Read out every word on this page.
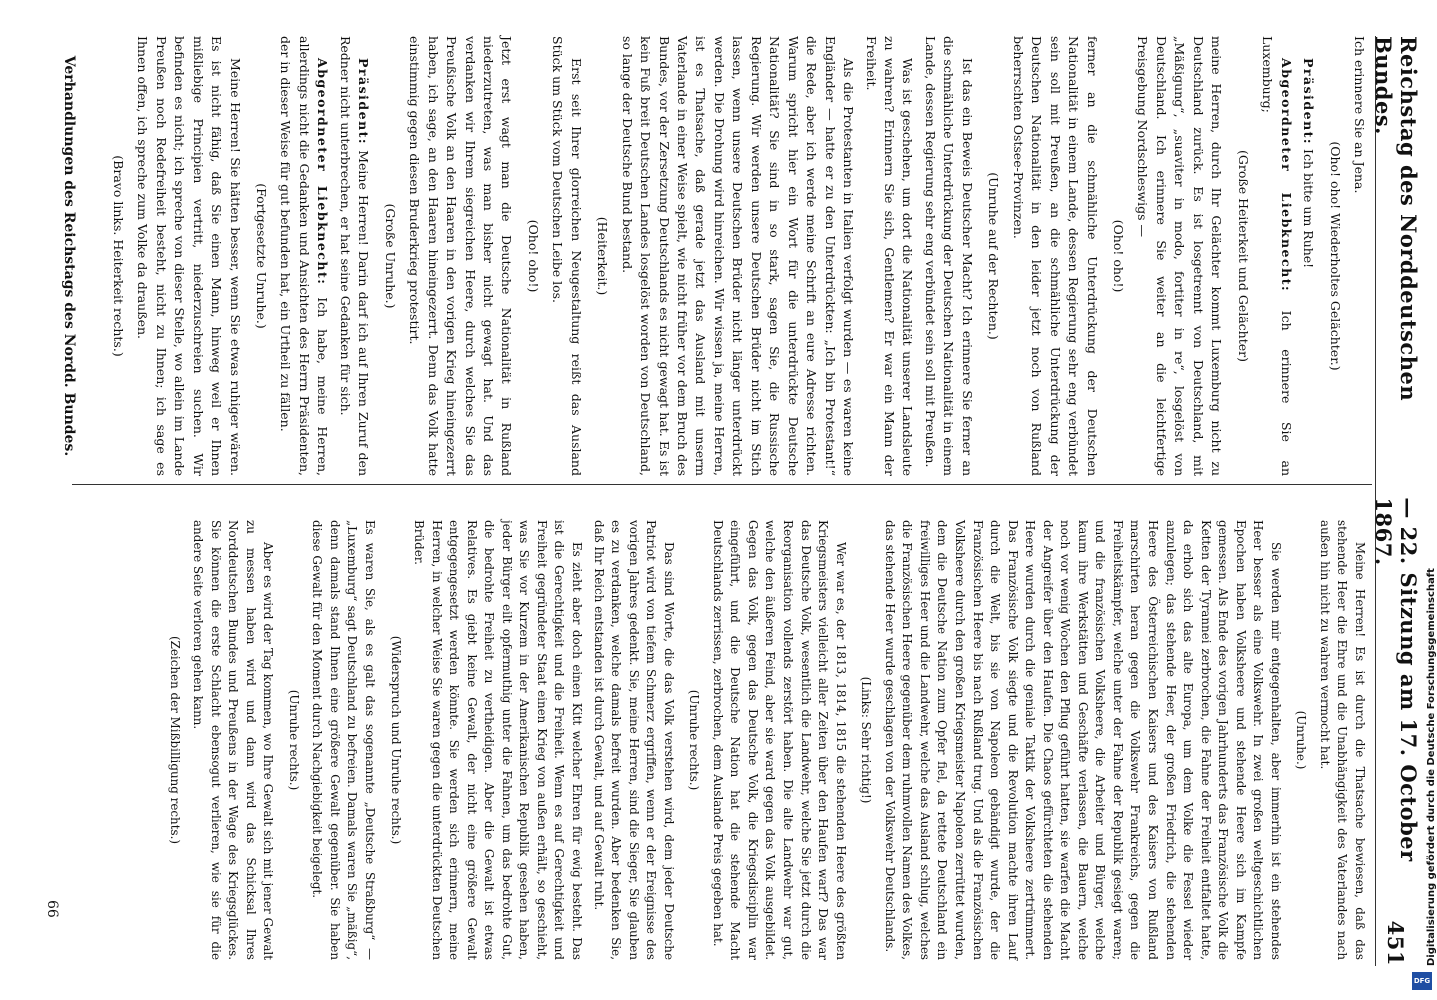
Reichstag des Norddeutschen Bundes.

— 22. Sitzung am 17. October 1867.
451

Ich erinnere Sie an Jena.

(Oho! oho! Wiederholtes Gelächter.)

Präsident: Ich bitte um Ruhe!

Abgeordneter Liebknecht: Ich erinnere Sie an Luxemburg;

(Große Heiterkeit und Gelächter)

meine Herren, durch Ihr Gelächter kommt Luxemburg nicht zu Deutschland zurück. Es ist losgetrennt von Deutschland, mit „Mäßigung“, „suaviter in modo, fortiter in re“, losgelöst von Deutschland. Ich erinnere Sie weiter an die leichtfertige Preisgebung Nordschleswigs —

(Oho! oho!)

ferner an die schmähliche Unterdrückung der Deutschen Nationalität in einem Lande, dessen Regierung sehr eng verbündet sein soll mit Preußen, an die schmähliche Unterdrückung der Deutschen Nationalität in den leider jetzt noch von Rußland beherrschten Ostsee-Provinzen.

(Unruhe auf der Rechten.)

Ist das ein Beweis Deutscher Macht? Ich erinnere Sie ferner an die schmähliche Unterdrückung der Deutschen Nationalität in einem Lande, dessen Regierung sehr eng verbündet sein soll mit Preußen.

Was ist geschehen, um dort die Nationalität unserer Landsleute zu wahren? Erinnern Sie sich, Gentlemen? Er war ein Mann der Freiheit.

Als die Protestanten in Italien verfolgt wurden — es waren keine Engländer — hatte er zu den Unterdrückten: „Ich bin Protestant!“ die Rede, aber ich werde meine Schrift an eure Adresse richten. Warum spricht hier ein Wort für die unterdrückte Deutsche Nationalität? Sie sind in so stark, sagen Sie, die Russische Regierung. Wir werden unsere Deutschen Brüder nicht im Stich lassen, wenn unsere Deutschen Brüder nicht länger unterdrückt werden. Die Drohung wird hinreichen. Wir wissen ja, meine Herren, ist es Thatsache, daß gerade jetzt das Ausland mit unserm Vaterlande in einer Weise spielt, wie nicht früher vor dem Bruch des Bundes, vor der Zersetzung Deutschlands es nicht gewagt hat. Es ist kein Fuß breit Deutschen Landes losgelöst worden von Deutschland, so lange der Deutsche Bund bestand.

(Heiterkeit.)

Erst seit Ihrer glorreichen Neugestaltung reißt das Ausland Stück um Stück vom Deutschen Leibe los.

(Oho! oho!)

Jetzt erst wagt man die Deutsche Nationalität in Rußland niederzutreten, was man bisher nicht gewagt hat. Und das verdanken wir Ihrem siegreichen Heere, durch welches Sie das Preußische Volk an den Haaren in den vorigen Krieg hineingezerrt haben, ich sage, an den Haaren hineingezerrt. Denn das Volk hatte einstimmig gegen diesen Bruderkrieg protestirt.

(Große Unruhe.)

Präsident: Meine Herren! Darin darf ich auf Ihren Zuruf den Redner nicht unterbrechen, er hat seine Gedanken für sich.

Abgeordneter Liebknecht: Ich habe, meine Herren, allerdings nicht die Gedanken und Ansichten des Herrn Präsidenten, der in dieser Weise für gut befunden hat, ein Urtheil zu fällen.

(Fortgesetzte Unruhe.)

Meine Herren! Sie hätten besser, wenn Sie etwas ruhiger wären. Es ist nicht fähig, daß Sie einen Mann, hinweg weil er Ihnen mißliebige Principien vertritt, niederzuschreien suchen. Wir befinden es nicht; ich spreche von dieser Stelle, wo allein im Lande Preußen noch Redefreiheit besteht, nicht zu Ihnen; ich sage es Ihnen offen, ich spreche zum Volke da draußen.

(Bravo links. Heiterkeit rechts.)

Meine Herren! Es ist durch die Thatsache bewiesen, daß das stehende Heer die Ehre und die Unabhängigkeit des Vaterlandes nach außen hin nicht zu wahren vermocht hat.

(Unruhe.)

Sie werden mir entgegenhalten, aber immerhin ist ein stehendes Heer besser als eine Volkswehr. In zwei großen weltgeschichtlichen Epochen haben Volksheere und stehende Heere sich im Kampfe gemessen. Als Ende des vorigen Jahrhunderts das Französische Volk die Ketten der Tyrannei zerbrochen, die Fahne der Freiheit entfaltet hatte, da erhob sich das alte Europa, um dem Volke die Fessel wieder anzulegen; das stehende Heer, der großen Friedrich, die stehenden Heere des Österreichischen Kaisers und des Kaisers von Rußland marschirten heran gegen die Volkswehr Frankreichs, gegen die Freiheitskämpfer, welche unter der Fahne der Republik gesiegt waren; und die französischen Volksheere, die Arbeiter und Bürger, welche kaum ihre Werkstätten und Geschäfte verlassen, die Bauern, welche noch vor wenig Wochen den Pflug geführt hatten, sie warfen die Macht der Angreifer über den Haufen. Die Chaos gefürchteten die stehenden Heere wurden durch die geniale Taktik der Volksheere zertrümmert. Das Französische Volk siegte und die Revolution machte ihren Lauf durch die Welt, bis sie von Napoleon gebändigt wurde, der die Französischen Heere bis nach Rußland trug. Und als die Französischen Volksheere durch den großen Kriegsmeister Napoleon zerrüttet wurden, dem die Deutsche Nation zum Opfer fiel, da rettete Deutschland ein freiwilliges Heer und die Landwehr, welche das Ausland schlug, welches die Französischen Heere gegenüber dem ruhmvollen Namen des Volkes, das stehende Heer wurde geschlagen von der Volkswehr Deutschlands.

(Links: Sehr richtig!)

Wer war es, der 1813, 1814, 1815 die stehenden Heere des größten Kriegsmeisters vielleicht aller Zeiten über den Haufen warf? Das war das Deutsche Volk, wesentlich die Landwehr, welche Sie jetzt durch die Reorganisation vollends zerstört haben. Die alte Landwehr war gut, welche den äußeren Feind, aber sie ward gegen das Volk ausgebildet. Gegen das Volk, gegen das Deutsche Volk, die Kriegsdisciplin war eingeführt, und die Deutsche Nation hat die stehende Macht Deutschlands zerrissen, zerbrochen, dem Auslande Preis gegeben hat.

(Unruhe rechts.)

Das sind Worte, die das Volk verstehen wird, dem jeder Deutsche Patriot wird von tiefem Schmerz ergriffen, wenn er der Ereignisse des vorigen Jahres gedenkt. Sie, meine Herren, sind die Sieger, Sie glauben es zu verdanken, welche damals befreit wurden. Aber bedenken Sie, daß Ihr Reich entstanden ist durch Gewalt, und auf Gewalt ruht.

Es zieht aber doch einen Kitt welcher Ehren für ewig besteht. Das ist die Gerechtigkeit und die Freiheit. Wenn es auf Gerechtigkeit und Freiheit gegründeter Staat einen Krieg von außen erhält, so geschieht, was Sie vor Kurzem in der Amerikanischen Republik gesehen haben, jeder Bürger eilt opfermuthig unter die Fahnen, um das bedrohte Gut, die bedrohte Freiheit zu vertheidigen. Aber die Gewalt ist etwas Relatives. Es giebt keine Gewalt, der nicht eine größere Gewalt entgegengesetzt werden könnte. Sie werden sich erinnern, meine Herren, in welcher Weise Sie waren gegen die unterdrückten Deutschen Brüder.

(Widerspruch und Unruhe rechts.)

Es waren Sie, als es galt das sogenannte „Deutsche Straßburg“ — „Luxemburg“ sagt Deutschland zu befreien. Damals waren Sie „mäßig“, denn damals stand Ihnen eine größere Gewalt gegenüber. Sie haben diese Gewalt für den Moment durch Nachgiebigkeit beigelegt.

(Unruhe rechts.)

Aber es wird der Tag kommen, wo Ihre Gewalt sich mit jener Gewalt zu messen haben wird und dann wird das Schicksal Ihres Norddeutschen Bundes und Preußens in der Wage des Kriegsglückes. Sie können die erste Schlacht ebensogut verlieren, wie sie für die andere Seite verloren gehen kann.

(Zeichen der Mißbilligung rechts.)

Verhandlungen des Reichstags des Nordd. Bundes.
66
DFG
Digitalisierung gefördert durch die Deutsche Forschungsgemeinschaft
